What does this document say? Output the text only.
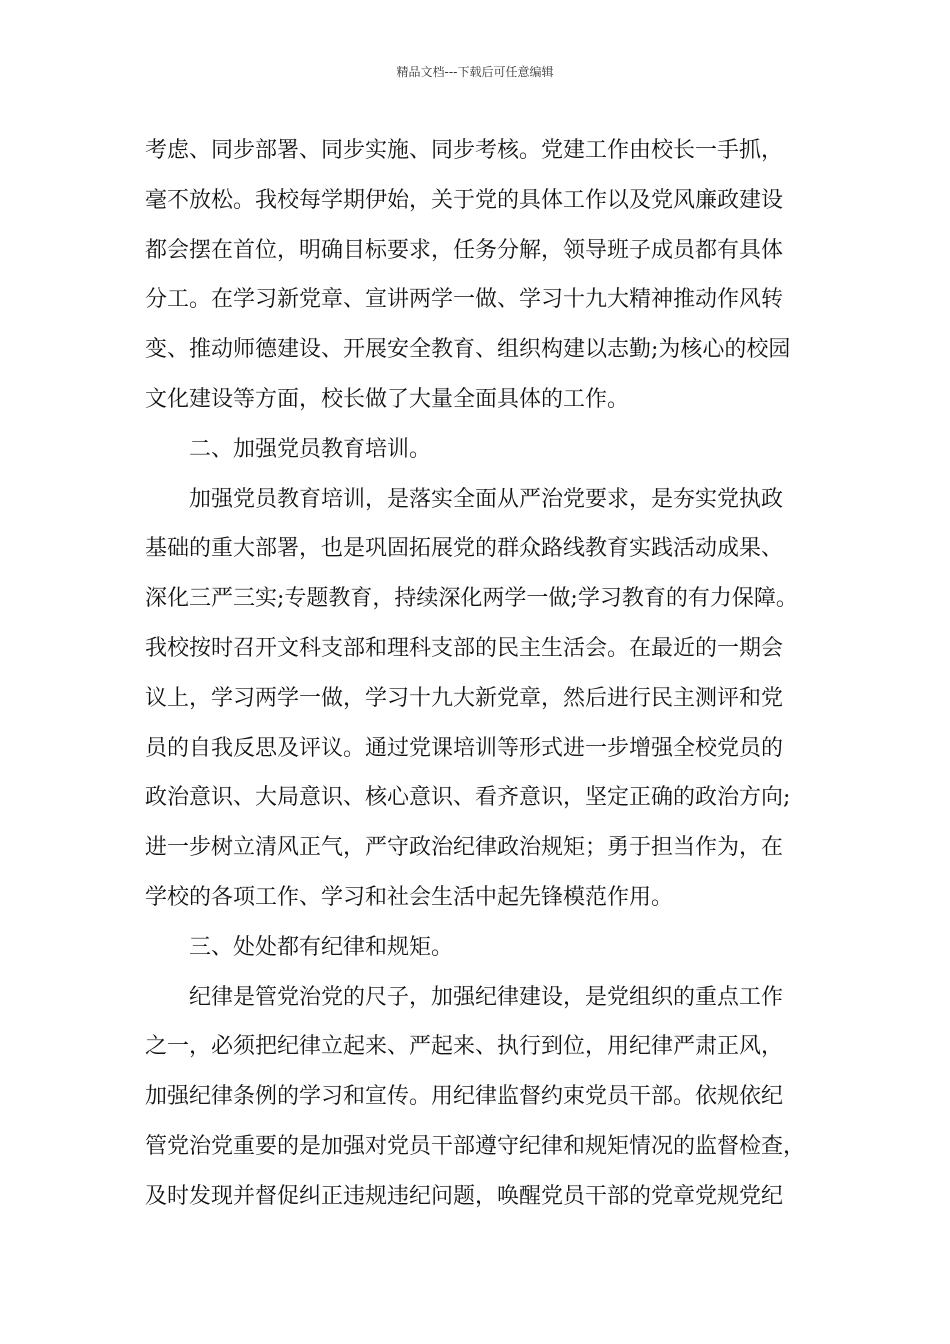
精品文档---下载后可任意编辑
考虑、同步部署、同步实施、同步考核。党建工作由校长一手抓，
毫不放松。我校每学期伊始，关于党的具体工作以及党风廉政建设
都会摆在首位，明确目标要求，任务分解，领导班子成员都有具体
分工。在学习新党章、宣讲两学一做、学习十九大精神推动作风转
变、推动师德建设、开展安全教育、组织构建以志勤;为核心的校园
文化建设等方面，校长做了大量全面具体的工作。
二、加强党员教育培训。
加强党员教育培训，是落实全面从严治党要求，是夯实党执政
基础的重大部署，也是巩固拓展党的群众路线教育实践活动成果、
深化三严三实;专题教育，持续深化两学一做;学习教育的有力保障。
我校按时召开文科支部和理科支部的民主生活会。在最近的一期会
议上，学习两学一做，学习十九大新党章，然后进行民主测评和党
员的自我反思及评议。通过党课培训等形式进一步增强全校党员的
政治意识、大局意识、核心意识、看齐意识，坚定正确的政治方向;
进一步树立清风正气，严守政治纪律政治规矩；勇于担当作为，在
学校的各项工作、学习和社会生活中起先锋模范作用。
三、处处都有纪律和规矩。
纪律是管党治党的尺子，加强纪律建设，是党组织的重点工作
之一，必须把纪律立起来、严起来、执行到位，用纪律严肃正风，
加强纪律条例的学习和宣传。用纪律监督约束党员干部。依规依纪
管党治党重要的是加强对党员干部遵守纪律和规矩情况的监督检查，
及时发现并督促纠正违规违纪问题，唤醒党员干部的党章党规党纪
